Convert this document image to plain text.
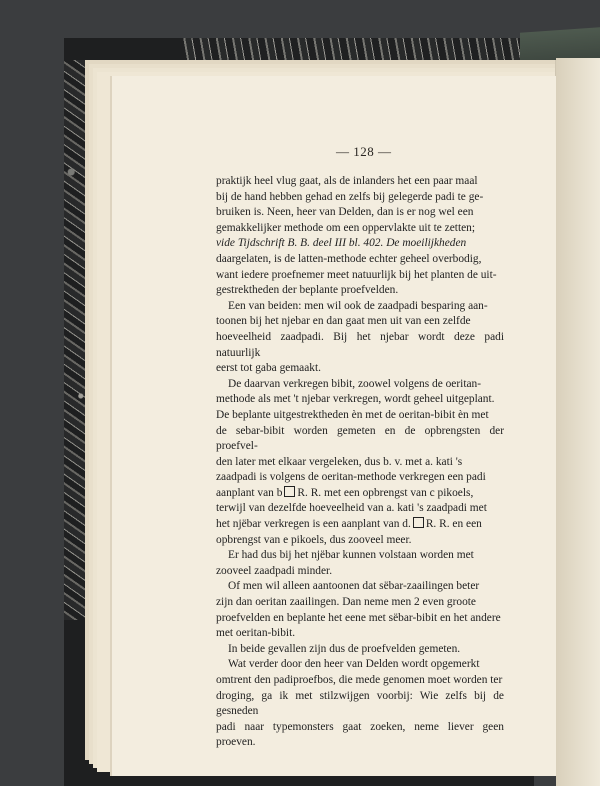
— 128 —

praktijk heel vlug gaat, als de inlanders het een paar maal

bij de hand hebben gehad en zelfs bij gelegerde padi te ge-

bruiken is. Neen, heer van Delden, dan is er nog wel een

gemakkelijker methode om een oppervlakte uit te zetten;

vide Tijdschrift B. B. deel III bl. 402. De moeilijkheden

daargelaten, is de latten-methode echter geheel overbodig,

want iedere proefnemer meet natuurlijk bij het planten de uit-

gestrektheden der beplante proefvelden.

Een van beiden: men wil ook de zaadpadi besparing aan-

toonen bij het njebar en dan gaat men uit van een zelfde

hoeveelheid zaadpadi. Bij het njebar wordt deze padi natuurlijk

eerst tot gaba gemaakt.

De daarvan verkregen bibit, zoowel volgens de oeritan-

methode als met 't njebar verkregen, wordt geheel uitgeplant.

De beplante uitgestrektheden èn met de oeritan-bibit èn met

de sebar-bibit worden gemeten en de opbrengsten der proefvel-

den later met elkaar vergeleken, dus b. v. met a. kati 's

zaadpadi is volgens de oeritan-methode verkregen een padi

aanplant van b R. R. met een opbrengst van c pikoels,

terwijl van dezelfde hoeveelheid van a. kati 's zaadpadi met

het njëbar verkregen is een aanplant van d. R. R. en een

opbrengst van e pikoels, dus zooveel meer.

Er had dus bij het njëbar kunnen volstaan worden met

zooveel zaadpadi minder.

Of men wil alleen aantoonen dat sëbar-zaailingen beter

zijn dan oeritan zaailingen. Dan neme men 2 even groote

proefvelden en beplante het eene met sëbar-bibit en het andere

met oeritan-bibit.

In beide gevallen zijn dus de proefvelden gemeten.

Wat verder door den heer van Delden wordt opgemerkt

omtrent den padiproefbos, die mede genomen moet worden ter

droging, ga ik met stilzwijgen voorbij: Wie zelfs bij de gesneden

padi naar typemonsters gaat zoeken, neme liever geen proeven.
